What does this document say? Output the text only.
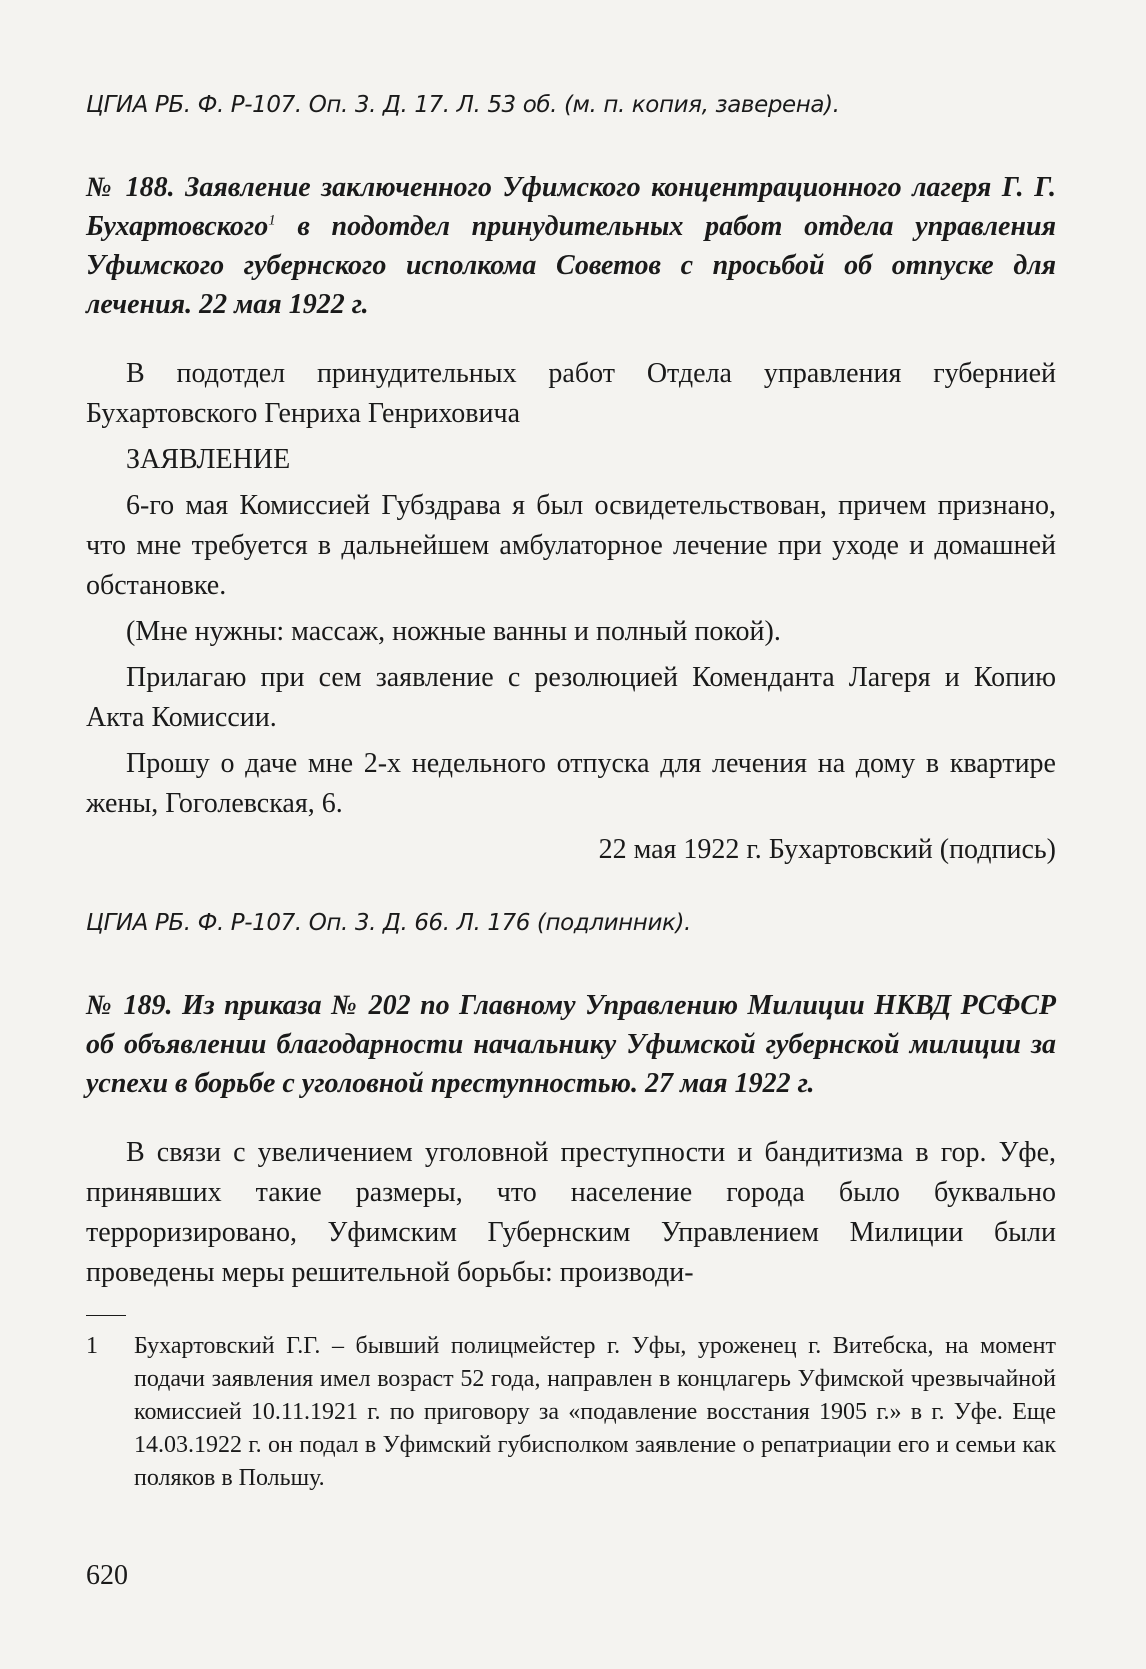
ЦГИА РБ. Ф. Р-107. Оп. 3. Д. 17. Л. 53 об. (м. п. копия, заверена).
№ 188. Заявление заключенного Уфимского концентрационного лагеря Г. Г. Бухартовского$^1$ в подотдел принудительных работ отдела управления Уфимского губернского исполкома Советов с просьбой об отпуске для лечения. 22 мая 1922 г.

В подотдел принудительных работ Отдела управления губернией Бухартовского Генриха Генриховича

ЗАЯВЛЕНИЕ

6-го мая Комиссией Губздрава я был освидетельствован, причем признано, что мне требуется в дальнейшем амбулаторное лечение при уходе и домашней обстановке.

(Мне нужны: массаж, ножные ванны и полный покой).

Прилагаю при сем заявление с резолюцией Коменданта Лагеря и Копию Акта Комиссии.

Прошу о даче мне 2-х недельного отпуска для лечения на дому в квартире жены, Гоголевская, 6.

22 мая 1922 г. Бухартовский (подпись)

ЦГИА РБ. Ф. Р-107. Оп. 3. Д. 66. Л. 176 (подлинник).
№ 189. Из приказа № 202 по Главному Управлению Милиции НКВД РСФСР об объявлении благодарности начальнику Уфимской губернской милиции за успехи в борьбе с уголовной преступностью. 27 мая 1922 г.

В связи с увеличением уголовной преступности и бандитизма в гор. Уфе, принявших такие размеры, что население города было буквально терроризировано, Уфимским Губернским Управлением Милиции были проведены меры решительной борьбы: производи-

1	Бухартовский Г.Г. – бывший полицмейстер г. Уфы, уроженец г. Витебска, на момент подачи заявления имел возраст 52 года, направлен в концлагерь Уфимской чрезвычайной комиссией 10.11.1921 г. по приговору за «подавление восстания 1905 г.» в г. Уфе. Еще 14.03.1922 г. он подал в Уфимский губисполком заявление о репатриации его и семьи как поляков в Польшу.
620
